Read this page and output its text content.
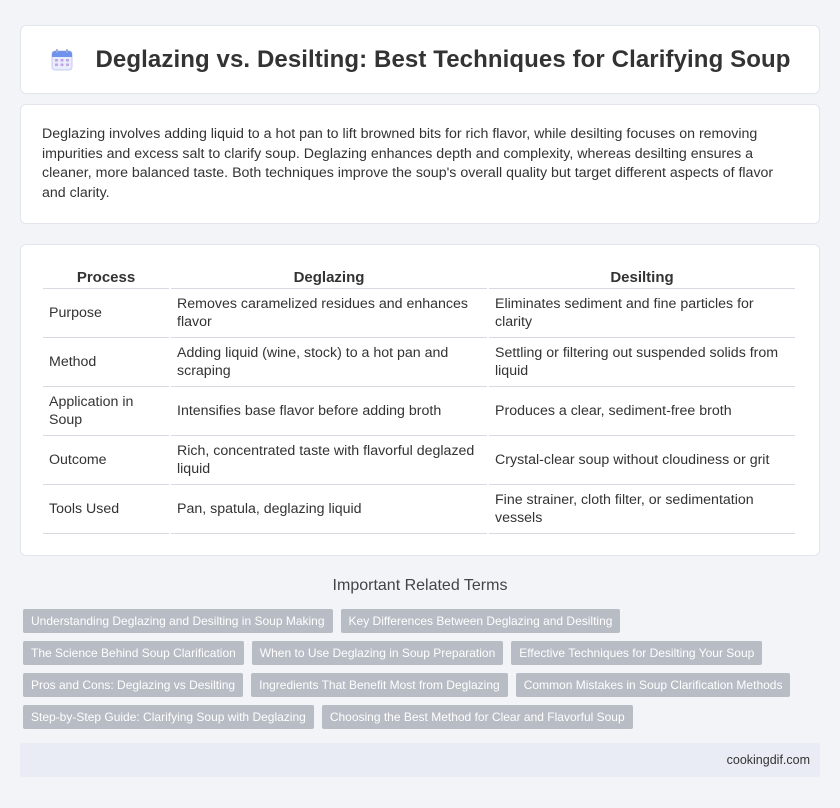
Deglazing vs. Desilting: Best Techniques for Clarifying Soup

Deglazing involves adding liquid to a hot pan to lift browned bits for rich flavor, while desilting focuses on removing impurities and excess salt to clarify soup. Deglazing enhances depth and complexity, whereas desilting ensures a cleaner, more balanced taste. Both techniques improve the soup's overall quality but target different aspects of flavor and clarity.

Process	Deglazing	Desilting
Purpose	Removes caramelized residues and enhances flavor	Eliminates sediment and fine particles for clarity
Method	Adding liquid (wine, stock) to a hot pan and scraping	Settling or filtering out suspended solids from liquid
Application in Soup	Intensifies base flavor before adding broth	Produces a clear, sediment-free broth
Outcome	Rich, concentrated taste with flavorful deglazed liquid	Crystal-clear soup without cloudiness or grit
Tools Used	Pan, spatula, deglazing liquid	Fine strainer, cloth filter, or sedimentation vessels
Important Related Terms
Understanding Deglazing and Desilting in Soup Making	Key Differences Between Deglazing and Desilting
The Science Behind Soup Clarification	When to Use Deglazing in Soup Preparation	Effective Techniques for Desilting Your Soup
Pros and Cons: Deglazing vs Desilting	Ingredients That Benefit Most from Deglazing	Common Mistakes in Soup Clarification Methods
Step-by-Step Guide: Clarifying Soup with Deglazing	Choosing the Best Method for Clear and Flavorful Soup
cookingdif.com
